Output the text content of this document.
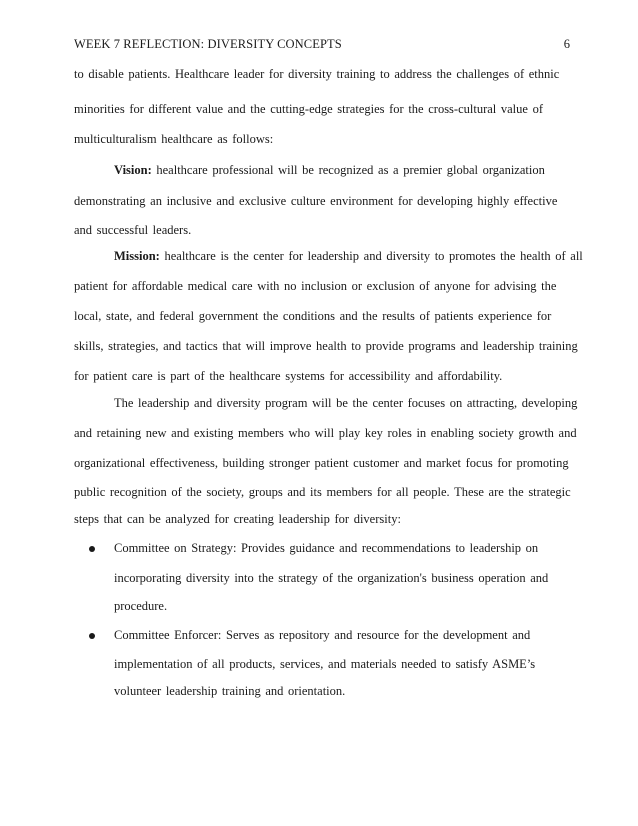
WEEK 7 REFLECTION: DIVERSITY CONCEPTS	6
to disable patients. Healthcare leader for diversity training to address the challenges of ethnic
minorities for different value and the cutting-edge strategies for the cross-cultural value of
multiculturalism healthcare as follows:
Vision: healthcare professional will be recognized as a premier global organization
demonstrating an inclusive and exclusive culture environment for developing highly effective
and successful leaders.
Mission: healthcare is the center for leadership and diversity to promotes the health of all
patient for affordable medical care with no inclusion or exclusion of anyone for advising the
local, state, and federal government the conditions and the results of patients experience for
skills, strategies, and tactics that will improve health to provide programs and leadership training
for patient care is part of the healthcare systems for accessibility and affordability.
The leadership and diversity program will be the center focuses on attracting, developing
and retaining new and existing members who will play key roles in enabling society growth and
organizational effectiveness, building stronger patient customer and market focus for promoting
public recognition of the society, groups and its members for all people. These are the strategic
steps that can be analyzed for creating leadership for diversity:
Committee on Strategy: Provides guidance and recommendations to leadership on
incorporating diversity into the strategy of the organization's business operation and
procedure.
Committee Enforcer: Serves as repository and resource for the development and
implementation of all products, services, and materials needed to satisfy ASME’s
volunteer leadership training and orientation.
